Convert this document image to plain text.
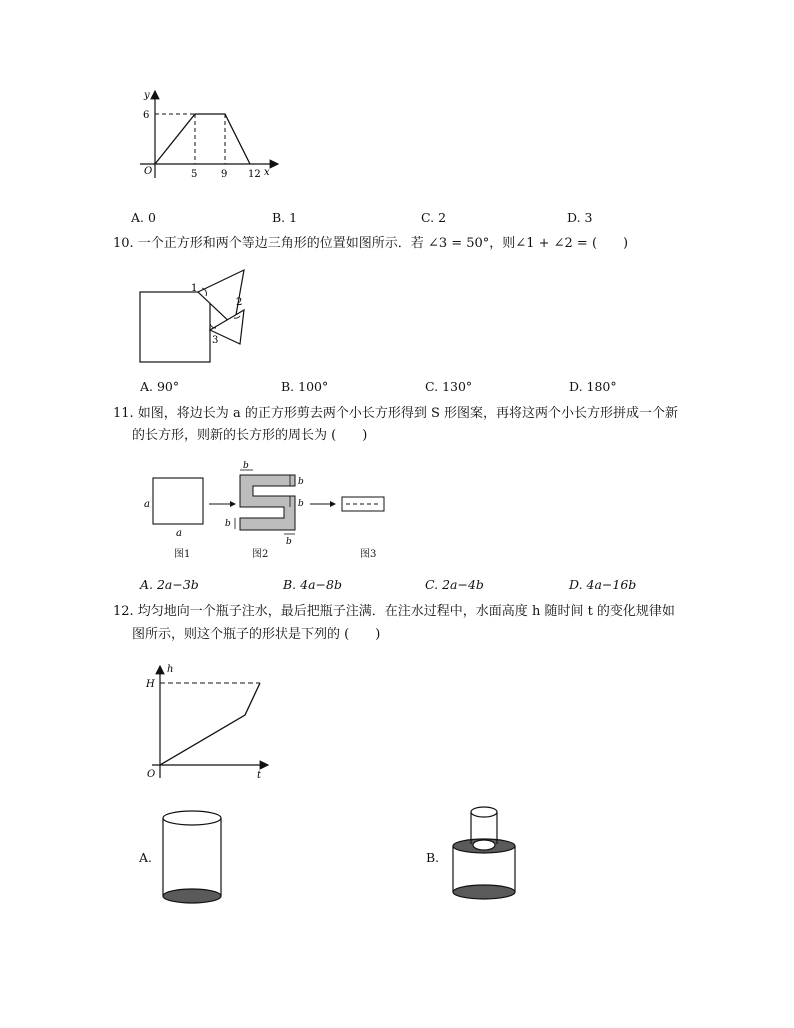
y
6
O	5 9 12 x
A. 0	B. 1	C. 2	D. 3
10. 一个正方形和两个等边三角形的位置如图所示．若 ∠3 = 50°，则∠1 + ∠2 = (　　)
1
2
3
A. 90°	B. 100°	C. 130°	D. 180°
11. 如图，将边长为 a 的正方形剪去两个小长方形得到 S 形图案，再将这两个小长方形拼成一个新
的长方形，则新的长方形的周长为 (　　)
a
a
b
b
b
b
b
图1	图2	图3
A. 2a−3b	B. 4a−8b	C. 2a−4b	D. 4a−16b
12. 均匀地向一个瓶子注水，最后把瓶子注满．在注水过程中，水面高度 h 随时间 t 的变化规律如
图所示，则这个瓶子的形状是下列的 (　　)
h
H
O	t
A.	B.
